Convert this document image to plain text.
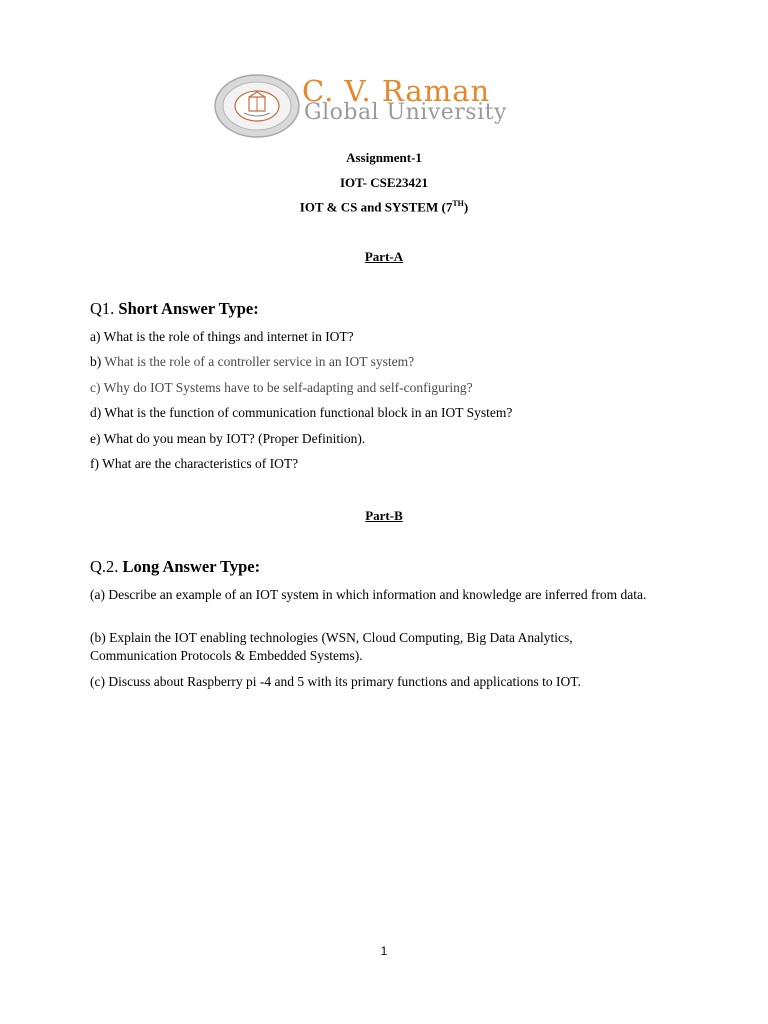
C. V. Raman
Global University
Assignment-1
IOT- CSE23421
IOT & CS and SYSTEM (7TH)
Part-A
Q1. Short Answer Type:
a) What is the role of things and internet in IOT?
b) What is the role of a controller service in an IOT system?
c) Why do IOT Systems have to be self-adapting and self-configuring?
d) What is the function of communication functional block in an IOT System?
e) What do you mean by IOT? (Proper Definition).
f) What are the characteristics of IOT?
Part-B
Q.2. Long Answer Type:
(a) Describe an example of an IOT system in which information and knowledge are inferred from data.
(b) Explain the IOT enabling technologies (WSN, Cloud Computing, Big Data Analytics, Communication Protocols & Embedded Systems).
(c) Discuss about Raspberry pi -4 and 5 with its primary functions and applications to IOT.
1
